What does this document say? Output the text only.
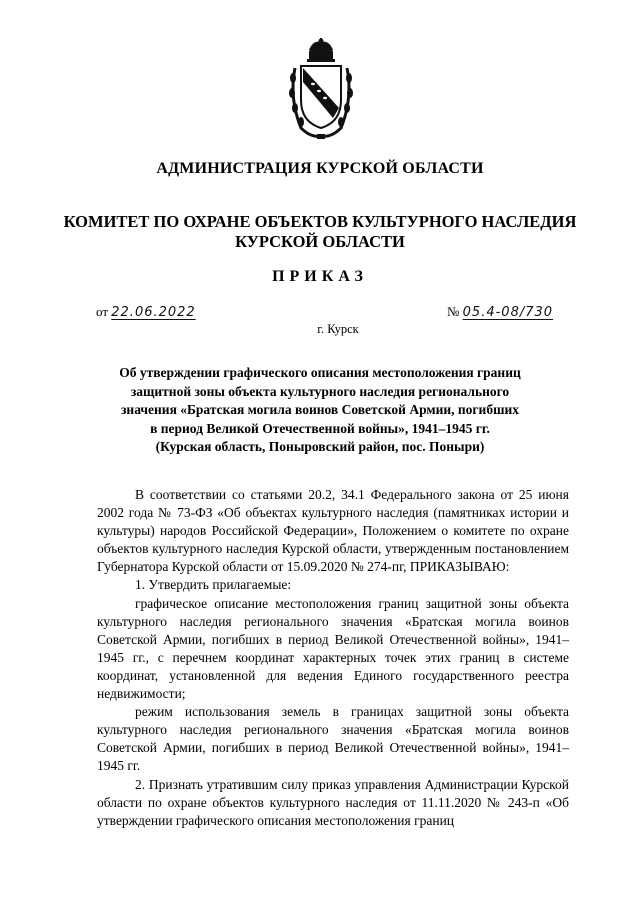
АДМИНИСТРАЦИЯ КУРСКОЙ ОБЛАСТИ
КОМИТЕТ ПО ОХРАНЕ ОБЪЕКТОВ КУЛЬТУРНОГО НАСЛЕДИЯ
КУРСКОЙ ОБЛАСТИ
ПРИКАЗ
от 22.06.2022	№ 05.4-08/730
г. Курск
Об утверждении графического описания местоположения границ
защитной зоны объекта культурного наследия регионального
значения «Братская могила воинов Советской Армии, погибших
в период Великой Отечественной войны», 1941–1945 гг.
(Курская область, Поныровский район, пос. Поныри)

В соответствии со статьями 20.2, 34.1 Федерального закона от 25 июня 2002 года № 73-ФЗ «Об объектах культурного наследия (памятниках истории и культуры) народов Российской Федерации», Положением о комитете по охране объектов культурного наследия Курской области, утвержденным постановлением Губернатора Курской области от 15.09.2020 № 274-пг, ПРИКАЗЫВАЮ:

1. Утвердить прилагаемые:

графическое описание местоположения границ защитной зоны объекта культурного наследия регионального значения «Братская могила воинов Советской Армии, погибших в период Великой Отечественной войны», 1941–1945 гг., с перечнем координат характерных точек этих границ в системе координат, установленной для ведения Единого государственного реестра недвижимости;

режим использования земель в границах защитной зоны объекта культурного наследия регионального значения «Братская могила воинов Советской Армии, погибших в период Великой Отечественной войны», 1941–1945 гг.

2. Признать утратившим силу приказ управления Администрации Курской области по охране объектов культурного наследия от 11.11.2020 № 243-п «Об утверждении графического описания местоположения границ
